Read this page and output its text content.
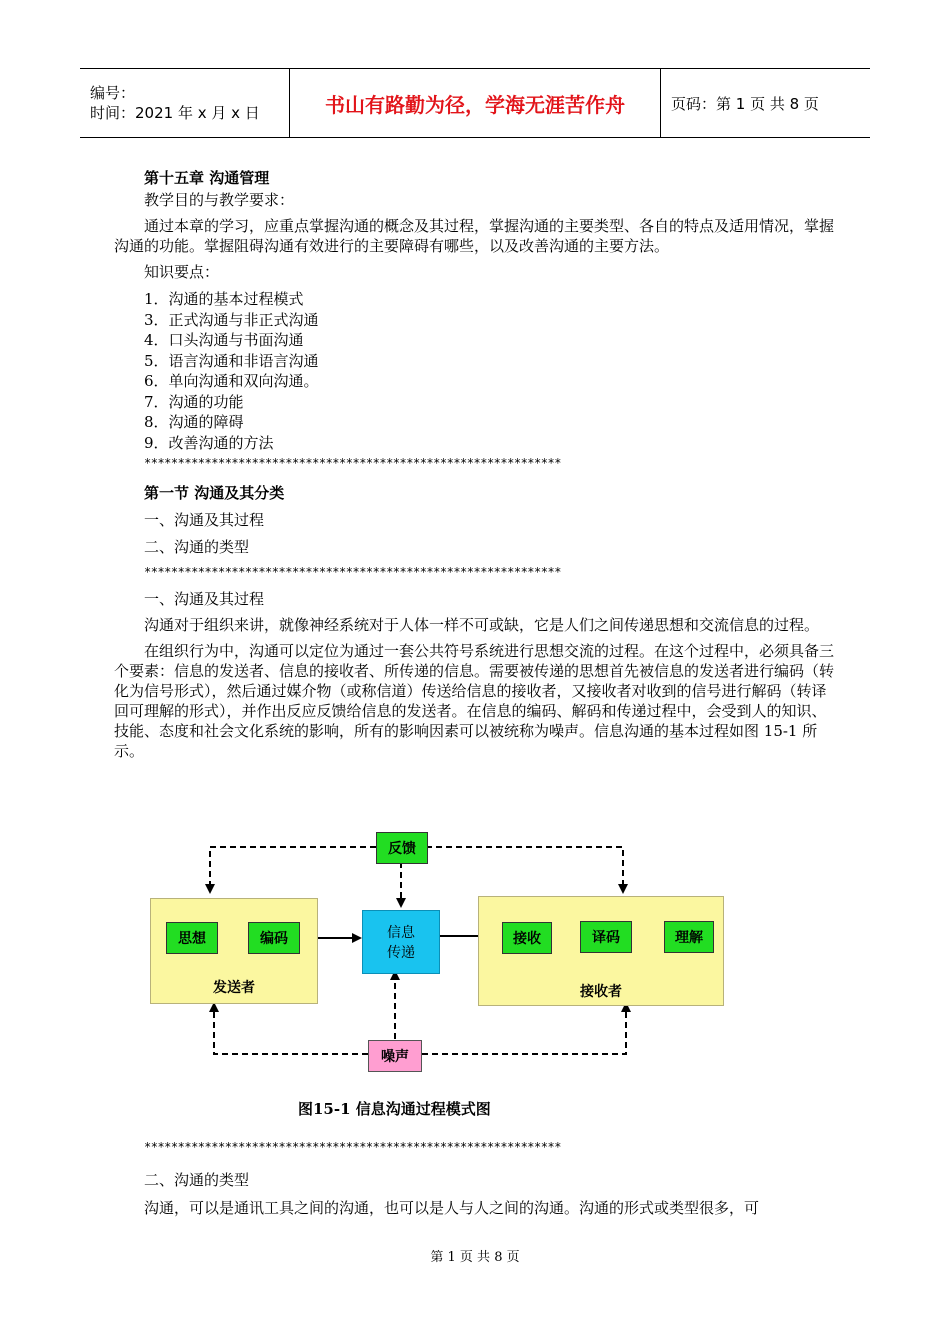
编号：
时间：2021 年 x 月 x 日	书山有路勤为径，学海无涯苦作舟	页码：第 1 页 共 8 页

第十五章 沟通管理

教学目的与教学要求：

通过本章的学习，应重点掌握沟通的概念及其过程，掌握沟通的主要类型、各自的特点及适用情况，掌握沟通的功能。掌握阻碍沟通有效进行的主要障碍有哪些，以及改善沟通的主要方法。

知识要点：

1．沟通的基本过程模式
3．正式沟通与非正式沟通
4．口头沟通与书面沟通
5．语言沟通和非语言沟通
6．单向沟通和双向沟通。
7．沟通的功能
8．沟通的障碍
9．改善沟通的方法
**************************************************************

第一节 沟通及其分类

一、沟通及其过程

二、沟通的类型

**************************************************************

一、沟通及其过程

沟通对于组织来讲，就像神经系统对于人体一样不可或缺，它是人们之间传递思想和交流信息的过程。

在组织行为中，沟通可以定位为通过一套公共符号系统进行思想交流的过程。在这个过程中，必须具备三个要素：信息的发送者、信息的接收者、所传递的信息。需要被传递的思想首先被信息的发送者进行编码（转化为信号形式），然后通过媒介物（或称信道）传送给信息的接收者，又接收者对收到的信号进行解码（转译回可理解的形式），并作出反应反馈给信息的发送者。在信息的编码、解码和传递过程中，会受到人的知识、技能、态度和社会文化系统的影响，所有的影响因素可以被统称为噪声。信息沟通的基本过程如图 15-1 所示。

发送者	接收者
反馈
思想	编码	信息
传递
接收	译码	理解
噪声
图15-1 信息沟通过程模式图
**************************************************************
二、沟通的类型
沟通，可以是通讯工具之间的沟通，也可以是人与人之间的沟通。沟通的形式或类型很多，可
第 1 页 共 8 页
